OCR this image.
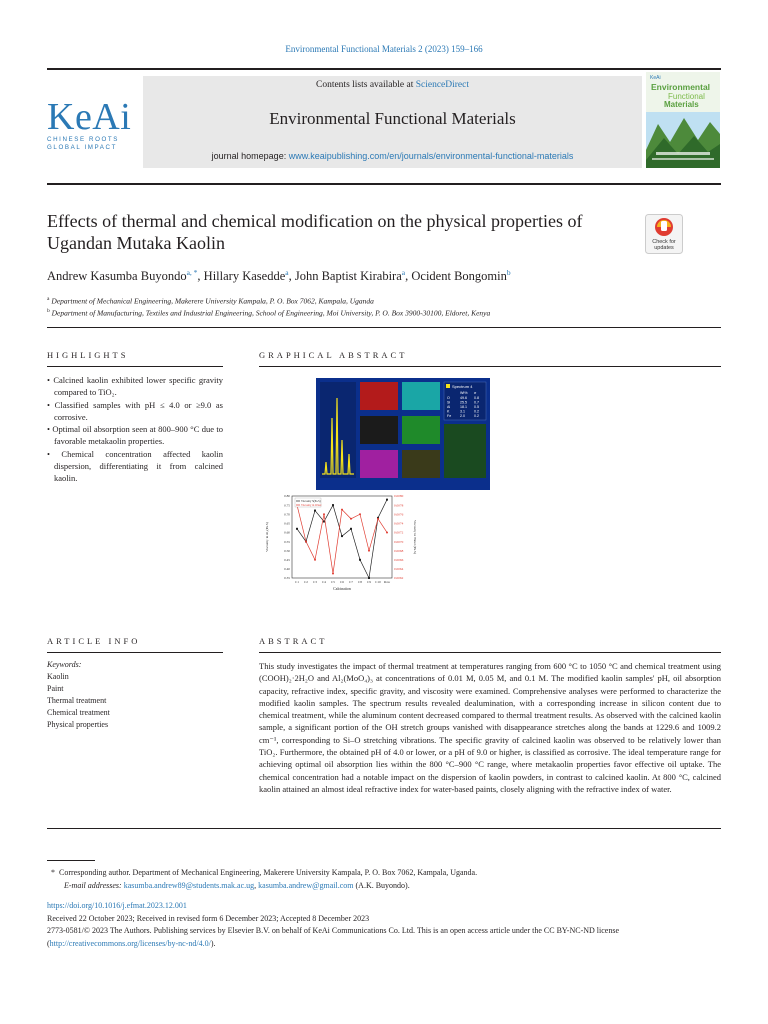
Environmental Functional Materials 2 (2023) 159–166
KeAi
CHINESE ROOTS
GLOBAL IMPACT
Contents lists available at ScienceDirect
Environmental Functional Materials
journal homepage: www.keaipublishing.com/en/journals/environmental-functional-materials
KeAi
Environmental
Functional
Materials
Effects of thermal and chemical modification on the physical properties of Ugandan Mutaka Kaolin	Check for
updates
Andrew Kasumba Buyondo$^{a, *}$, Hillary Kasedde$^a$, John Baptist Kirabira$^a$, Ocident Bongomin$^b$
$^a$ Department of Mechanical Engineering, Makerere University Kampala, P. O. Box 7062, Kampala, Uganda
$^b$ Department of Manufacturing, Textiles and Industrial Engineering, School of Engineering, Moi University, P. O. Box 3900-30100, Eldoret, Kenya
HIGHLIGHTS	GRAPHICAL ABSTRACT
• Calcined kaolin exhibited lower specific gravity compared to TiO₂.
• Classified samples with pH ≤ 4.0 or ≥9.0 as corrosive.
• Optimal oil absorption seen at 800–900 °C due to favorable metakaolin properties.
• Chemical concentration affected kaolin dispersion, differentiating it from calcined kaolin.
Spectrum 4
Wt% σ
O	49.6 0.8
Si	25.5 0.7
Al	18.1 0.5
K	3.1	0.2
Fe 2.0	0.2
0.80
0.75
0.70
0.65
0.60
0.55
0.50
0.45
0.40
0.35
0.0080
0.0078
0.0076
0.0074
0.0072
0.0070
0.0068
0.0066
0.0064
0.0062
C1 C2 C3 C4 C5 C6 C7 C8 C9 C10 Raw
Viscosity S(Pa.S)
Viscosity in Water
Calcination
Viscosity in Al₂(Pa.S)	Viscosity in Water (Pa.S)
ARTICLE INFO	ABSTRACT
Keywords:
Kaolin
Paint
Thermal treatment
Chemical treatment
Physical properties
This study investigates the impact of thermal treatment at temperatures ranging from 600 °C to 1050 °C and chemical treatment using (COOH)₂·2H₂O and Al₂(MoO₄)₃ at concentrations of 0.01 M, 0.05 M, and 0.1 M. The modified kaolin samples' pH, oil absorption capacity, refractive index, specific gravity, and viscosity were examined. Comprehensive analyses were performed to characterize the modified kaolin samples. The spectrum results revealed dealumination, with a corresponding increase in silicon content due to chemical treatment, while the aluminum content decreased compared to thermal treatment results. As observed with the calcined kaolin sample, a significant portion of the OH stretch groups vanished with disappearance stretches along the bands at 1229.6 and 1009.2 cm⁻¹, corresponding to Si–O stretching vibrations. The specific gravity of calcined kaolin was observed to be relatively lower than TiO₂. Furthermore, the obtained pH of 4.0 or lower, or a pH of 9.0 or higher, is classified as corrosive. The ideal temperature range for achieving optimal oil absorption lies within the 800 °C–900 °C range, where metakaolin properties favor effective oil uptake. The chemical concentration had a notable impact on the dispersion of kaolin powders, in contrast to calcined kaolin. At 800 °C, calcined kaolin attained an almost ideal refractive index for water-based paints, closely aligning with the refractive index of water.
* Corresponding author. Department of Mechanical Engineering, Makerere University Kampala, P. O. Box 7062, Kampala, Uganda.
E-mail addresses: kasumba.andrew89@students.mak.ac.ug, kasumba.andrew@gmail.com (A.K. Buyondo).
https://doi.org/10.1016/j.efmat.2023.12.001
Received 22 October 2023; Received in revised form 6 December 2023; Accepted 8 December 2023
2773-0581/© 2023 The Authors. Publishing services by Elsevier B.V. on behalf of KeAi Communications Co. Ltd. This is an open access article under the CC BY-NC-ND license (http://creativecommons.org/licenses/by-nc-nd/4.0/).
